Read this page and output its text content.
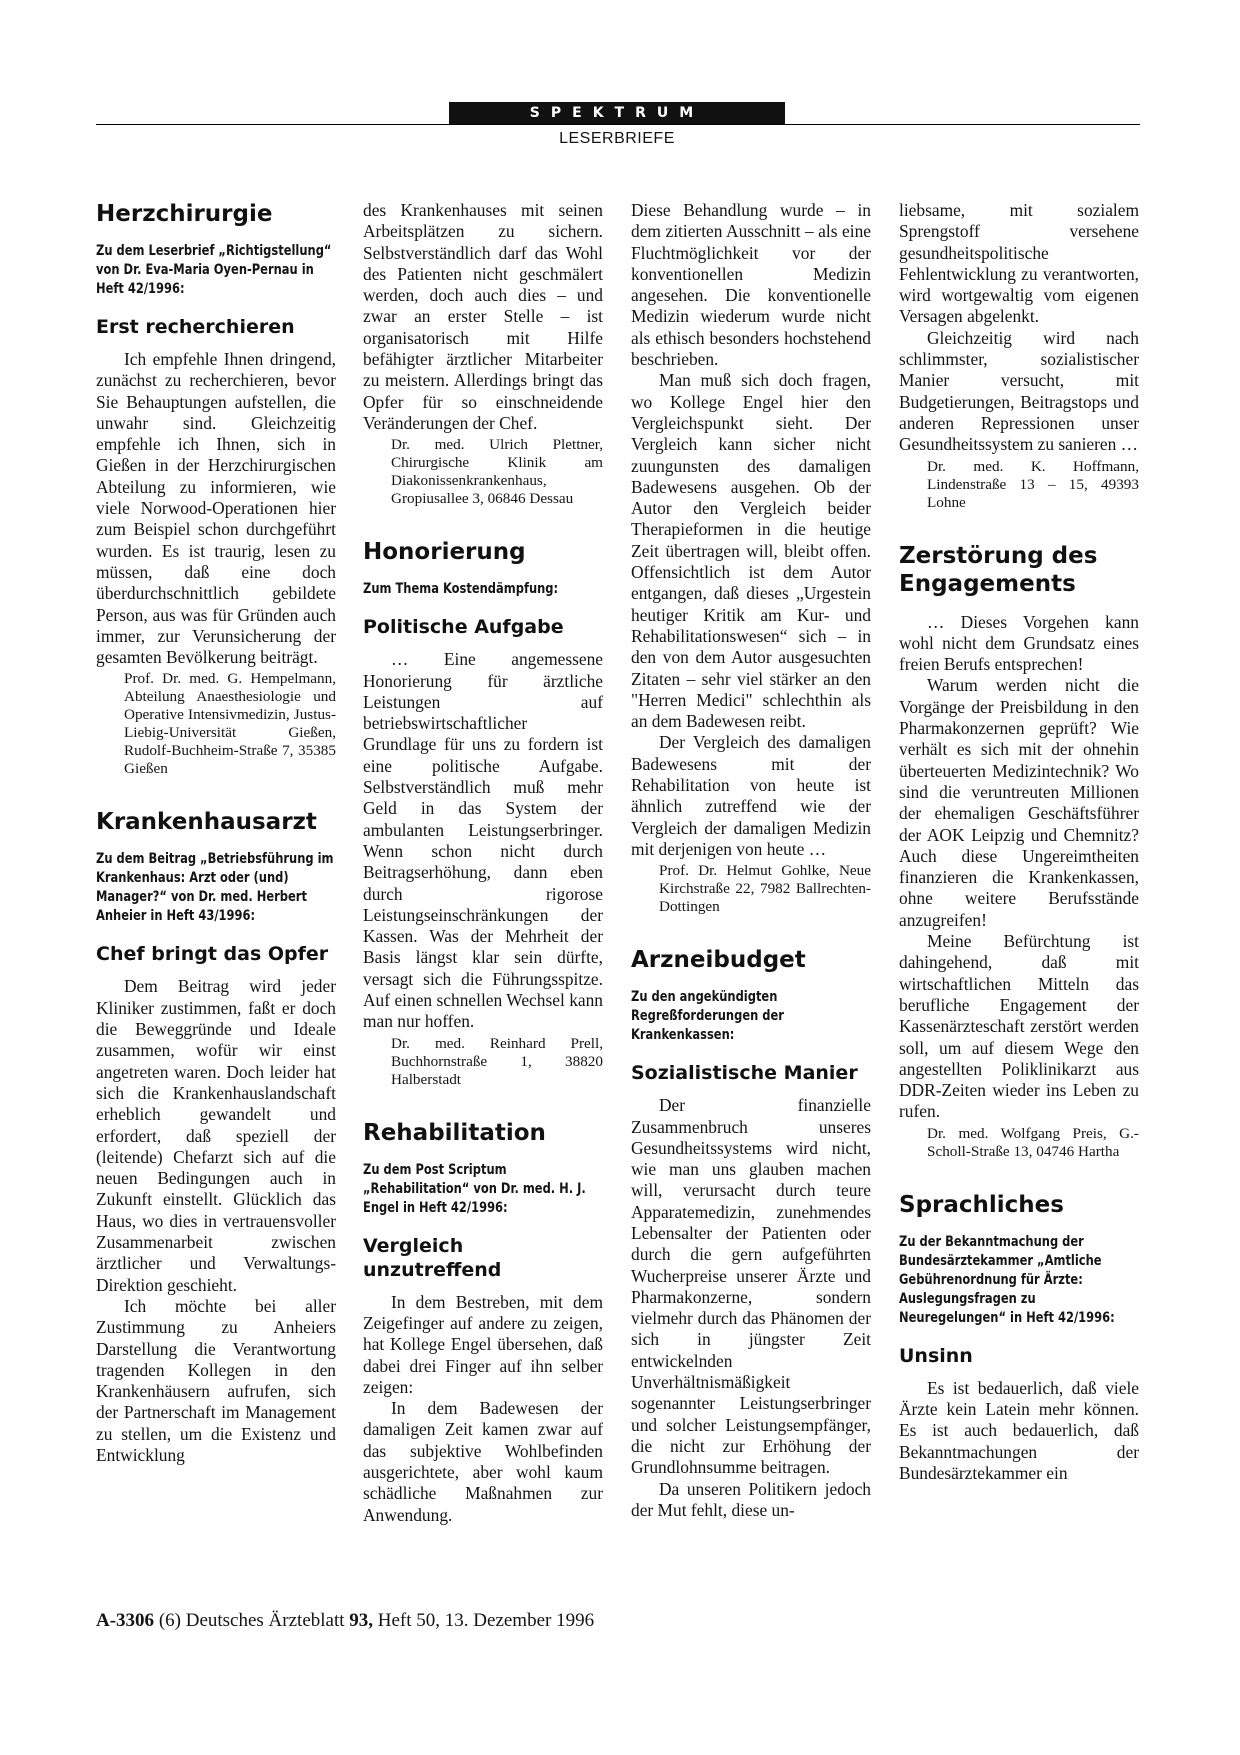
SPEKTRUM
LESERBRIEFE
Herzchirurgie
Zu dem Leserbrief „Richtigstellung“ von Dr. Eva-Maria Oyen-Pernau in Heft 42/1996:
Erst recherchieren

Ich empfehle Ihnen dringend, zunächst zu recherchieren, bevor Sie Behauptungen aufstellen, die unwahr sind. Gleichzeitig empfehle ich Ihnen, sich in Gießen in der Herzchirurgischen Abteilung zu informieren, wie viele Norwood-Operationen hier zum Beispiel schon durchgeführt wurden. Es ist traurig, lesen zu müssen, daß eine doch überdurchschnittlich gebildete Person, aus was für Gründen auch immer, zur Verunsicherung der gesamten Bevölkerung beiträgt.

Prof. Dr. med. G. Hempelmann, Abteilung Anaesthesiologie und Operative Intensivmedizin, Justus-Liebig-Universität Gießen, Rudolf-Buchheim-Straße 7, 35385 Gießen
Krankenhausarzt
Zu dem Beitrag „Betriebsführung im Krankenhaus: Arzt oder (und) Manager?“ von Dr. med. Herbert Anheier in Heft 43/1996:
Chef bringt das Opfer

Dem Beitrag wird jeder Kliniker zustimmen, faßt er doch die Beweggründe und Ideale zusammen, wofür wir einst angetreten waren. Doch leider hat sich die Krankenhauslandschaft erheblich gewandelt und erfordert, daß speziell der (leitende) Chefarzt sich auf die neuen Bedingungen auch in Zukunft einstellt. Glücklich das Haus, wo dies in vertrauensvoller Zusammenarbeit zwischen ärztlicher und Verwaltungs-Direktion geschieht.

Ich möchte bei aller Zustimmung zu Anheiers Darstellung die Verantwortung tragenden Kollegen in den Krankenhäusern aufrufen, sich der Partnerschaft im Management zu stellen, um die Existenz und Entwicklung

des Krankenhauses mit seinen Arbeitsplätzen zu sichern. Selbstverständlich darf das Wohl des Patienten nicht geschmälert werden, doch auch dies – und zwar an erster Stelle – ist organisatorisch mit Hilfe befähigter ärztlicher Mitarbeiter zu meistern. Allerdings bringt das Opfer für so einschneidende Veränderungen der Chef.

Dr. med. Ulrich Plettner, Chirurgische Klinik am Diakonissenkrankenhaus, Gropiusallee 3, 06846 Dessau
Honorierung
Zum Thema Kostendämpfung:
Politische Aufgabe

… Eine angemessene Honorierung für ärztliche Leistungen auf betriebswirtschaftlicher Grundlage für uns zu fordern ist eine politische Aufgabe. Selbstverständlich muß mehr Geld in das System der ambulanten Leistungserbringer. Wenn schon nicht durch Beitragserhöhung, dann eben durch rigorose Leistungseinschränkungen der Kassen. Was der Mehrheit der Basis längst klar sein dürfte, versagt sich die Führungsspitze. Auf einen schnellen Wechsel kann man nur hoffen.

Dr. med. Reinhard Prell, Buchhornstraße 1, 38820 Halberstadt
Rehabilitation
Zu dem Post Scriptum „Rehabilitation“ von Dr. med. H. J. Engel in Heft 42/1996:
Vergleich unzutreffend

In dem Bestreben, mit dem Zeigefinger auf andere zu zeigen, hat Kollege Engel übersehen, daß dabei drei Finger auf ihn selber zeigen:

In dem Badewesen der damaligen Zeit kamen zwar auf das subjektive Wohlbefinden ausgerichtete, aber wohl kaum schädliche Maßnahmen zur Anwendung.

Diese Behandlung wurde – in dem zitierten Ausschnitt – als eine Fluchtmöglichkeit vor der konventionellen Medizin angesehen. Die konventionelle Medizin wiederum wurde nicht als ethisch besonders hochstehend beschrieben.

Man muß sich doch fragen, wo Kollege Engel hier den Vergleichspunkt sieht. Der Vergleich kann sicher nicht zuungunsten des damaligen Badewesens ausgehen. Ob der Autor den Vergleich beider Therapieformen in die heutige Zeit übertragen will, bleibt offen. Offensichtlich ist dem Autor entgangen, daß dieses „Urgestein heutiger Kritik am Kur- und Rehabilitationswesen“ sich – in den von dem Autor ausgesuchten Zitaten – sehr viel stärker an den "Herren Medici" schlechthin als an dem Badewesen reibt.

Der Vergleich des damaligen Badewesens mit der Rehabilitation von heute ist ähnlich zutreffend wie der Vergleich der damaligen Medizin mit derjenigen von heute …

Prof. Dr. Helmut Gohlke, Neue Kirchstraße 22, 7982 Ballrechten-Dottingen
Arzneibudget
Zu den angekündigten Regreßforderungen der Krankenkassen:
Sozialistische Manier

Der finanzielle Zusammenbruch unseres Gesundheitssystems wird nicht, wie man uns glauben machen will, verursacht durch teure Apparatemedizin, zunehmendes Lebensalter der Patienten oder durch die gern aufgeführten Wucherpreise unserer Ärzte und Pharmakonzerne, sondern vielmehr durch das Phänomen der sich in jüngster Zeit entwickelnden Unverhältnismäßigkeit sogenannter Leistungserbringer und solcher Leistungsempfänger, die nicht zur Erhöhung der Grundlohnsumme beitragen.

Da unseren Politikern jedoch der Mut fehlt, diese un-

liebsame, mit sozialem Sprengstoff versehene gesundheitspolitische Fehlentwicklung zu verantworten, wird wortgewaltig vom eigenen Versagen abgelenkt.

Gleichzeitig wird nach schlimmster, sozialistischer Manier versucht, mit Budgetierungen, Beitragstops und anderen Repressionen unser Gesundheitssystem zu sanieren …

Dr. med. K. Hoffmann, Lindenstraße 13 – 15, 49393 Lohne
Zerstörung des Engagements

… Dieses Vorgehen kann wohl nicht dem Grundsatz eines freien Berufs entsprechen!

Warum werden nicht die Vorgänge der Preisbildung in den Pharmakonzernen geprüft? Wie verhält es sich mit der ohnehin überteuerten Medizintechnik? Wo sind die veruntreuten Millionen der ehemaligen Geschäftsführer der AOK Leipzig und Chemnitz? Auch diese Ungereimtheiten finanzieren die Krankenkassen, ohne weitere Berufsstände anzugreifen!

Meine Befürchtung ist dahingehend, daß mit wirtschaftlichen Mitteln das berufliche Engagement der Kassenärzteschaft zerstört werden soll, um auf diesem Wege den angestellten Poliklinikarzt aus DDR-Zeiten wieder ins Leben zu rufen.

Dr. med. Wolfgang Preis, G.-Scholl-Straße 13, 04746 Hartha
Sprachliches
Zu der Bekanntmachung der Bundesärztekammer „Amtliche Gebührenordnung für Ärzte: Auslegungsfragen zu Neuregelungen“ in Heft 42/1996:
Unsinn

Es ist bedauerlich, daß viele Ärzte kein Latein mehr können. Es ist auch bedauerlich, daß Bekanntmachungen der Bundesärztekammer ein

A-3306 (6) Deutsches Ärzteblatt 93, Heft 50, 13. Dezember 1996
